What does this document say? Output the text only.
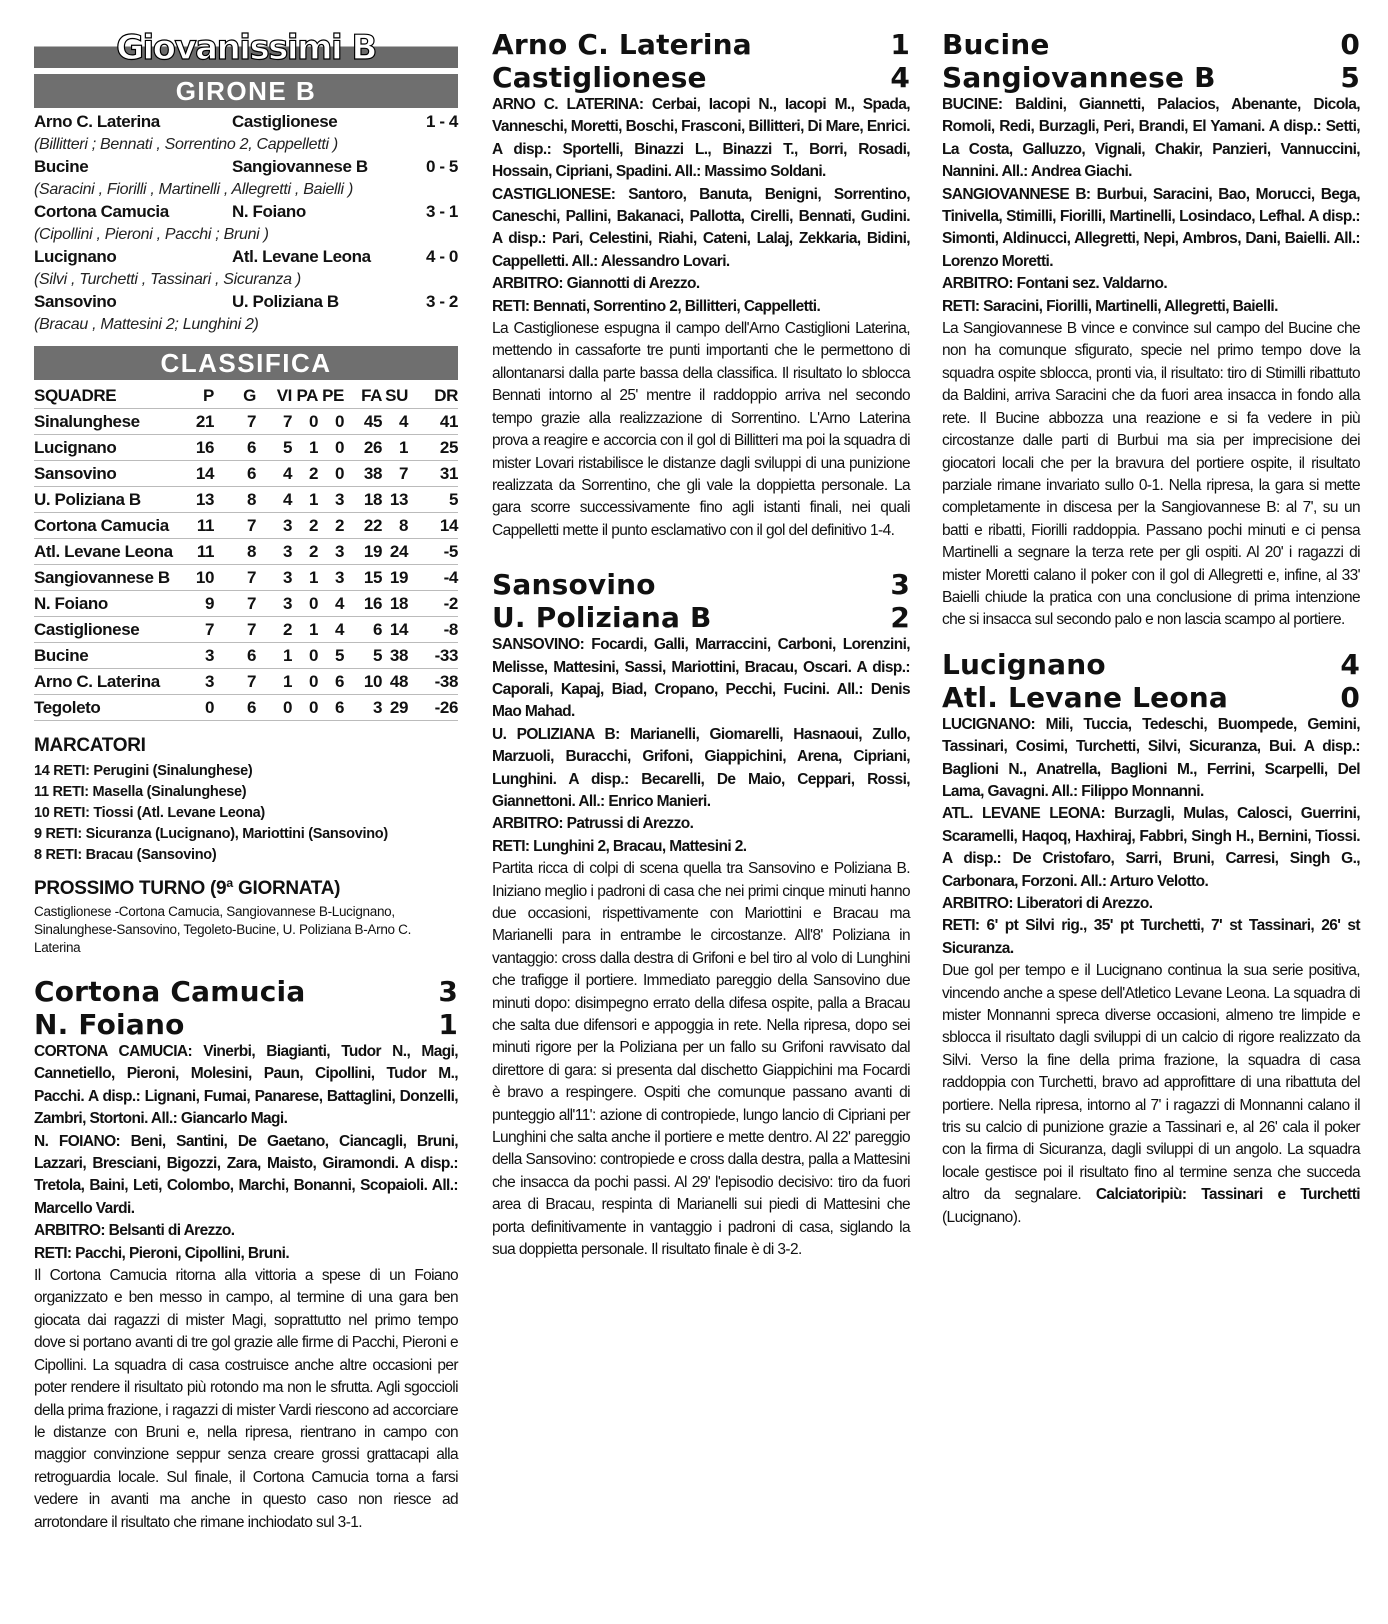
Giovanissimi B
GIRONE B
Arno C. Laterina	Castiglionese	1 - 4
(Billitteri ; Bennati , Sorrentino 2, Cappelletti )
Bucine	Sangiovannese B	0 - 5
(Saracini , Fiorilli , Martinelli , Allegretti , Baielli )
Cortona Camucia	N. Foiano	3 - 1
(Cipollini , Pieroni , Pacchi ; Bruni )
Lucignano	Atl. Levane Leona	4 - 0
(Silvi , Turchetti , Tassinari , Sicuranza )
Sansovino	U. Poliziana B	3 - 2
(Bracau , Mattesini 2; Lunghini 2)
CLASSIFICA
SQUADRE	P	G	VI	PA	PE	FA	SU	DR
Sinalunghese	21	7	7	0	0	45	4	41
Lucignano	16	6	5	1	0	26	1	25
Sansovino	14	6	4	2	0	38	7	31
U. Poliziana B	13	8	4	1	3	18	13	5
Cortona Camucia	11	7	3	2	2	22	8	14
Atl. Levane Leona	11	8	3	2	3	19	24	-5
Sangiovannese B	10	7	3	1	3	15	19	-4
N. Foiano	9	7	3	0	4	16	18	-2
Castiglionese	7	7	2	1	4	6	14	-8
Bucine	3	6	1	0	5	5	38	-33
Arno C. Laterina	3	7	1	0	6	10	48	-38
Tegoleto	0	6	0	0	6	3	29	-26
MARCATORI
14 RETI: Perugini (Sinalunghese)
11 RETI: Masella (Sinalunghese)
10 RETI: Tiossi (Atl. Levane Leona)
9 RETI: Sicuranza (Lucignano), Mariottini (Sansovino)
8 RETI: Bracau (Sansovino)
PROSSIMO TURNO (9ª GIORNATA)
Castiglionese -Cortona Camucia, Sangiovannese B-Lucignano, Sinalunghese-Sansovino, Tegoleto-Bucine, U. Poliziana B-Arno C. Laterina
Cortona Camucia	3
N. Foiano	1
CORTONA CAMUCIA: Vinerbi, Biagianti, Tudor N., Magi, Cannetiello, Pieroni, Molesini, Paun, Cipollini, Tudor M., Pacchi. A disp.: Lignani, Fumai, Panarese, Battaglini, Donzelli, Zambri, Stortoni. All.: Giancarlo Magi.
N. FOIANO: Beni, Santini, De Gaetano, Ciancagli, Bruni, Lazzari, Bresciani, Bigozzi, Zara, Maisto, Giramondi. A disp.: Tretola, Baini, Leti, Colombo, Marchi, Bonanni, Scopaioli. All.: Marcello Vardi.
ARBITRO: Belsanti di Arezzo.
RETI: Pacchi, Pieroni, Cipollini, Bruni.
Il Cortona Camucia ritorna alla vittoria a spese di un Foiano organizzato e ben messo in campo, al termine di una gara ben giocata dai ragazzi di mister Magi, soprattutto nel primo tempo dove si portano avanti di tre gol grazie alle firme di Pacchi, Pieroni e Cipollini. La squadra di casa costruisce anche altre occasioni per poter rendere il risultato più rotondo ma non le sfrutta. Agli sgoccioli della prima frazione, i ragazzi di mister Vardi riescono ad accorciare le distanze con Bruni e, nella ripresa, rientrano in campo con maggior convinzione seppur senza creare grossi grattacapi alla retroguardia locale. Sul finale, il Cortona Camucia torna a farsi vedere in avanti ma anche in questo caso non riesce ad arrotondare il risultato che rimane inchiodato sul 3-1.
Arno C. Laterina	1
Castiglionese	4
ARNO C. LATERINA: Cerbai, Iacopi N., Iacopi M., Spada, Vanneschi, Moretti, Boschi, Frasconi, Billitteri, Di Mare, Enrici. A disp.: Sportelli, Binazzi L., Binazzi T., Borri, Rosadi, Hossain, Cipriani, Spadini. All.: Massimo Soldani.
CASTIGLIONESE: Santoro, Banuta, Benigni, Sorrentino, Caneschi, Pallini, Bakanaci, Pallotta, Cirelli, Bennati, Gudini. A disp.: Pari, Celestini, Riahi, Cateni, Lalaj, Zekkaria, Bidini, Cappelletti. All.: Alessandro Lovari.
ARBITRO: Giannotti di Arezzo.
RETI: Bennati, Sorrentino 2, Billitteri, Cappelletti.
La Castiglionese espugna il campo dell'Arno Castiglioni Laterina, mettendo in cassaforte tre punti importanti che le permettono di allontanarsi dalla parte bassa della classifica. Il risultato lo sblocca Bennati intorno al 25' mentre il raddoppio arriva nel secondo tempo grazie alla realizzazione di Sorrentino. L'Arno Laterina prova a reagire e accorcia con il gol di Billitteri ma poi la squadra di mister Lovari ristabilisce le distanze dagli sviluppi di una punizione realizzata da Sorrentino, che gli vale la doppietta personale. La gara scorre successivamente fino agli istanti finali, nei quali Cappelletti mette il punto esclamativo con il gol del definitivo 1-4.
Sansovino	3
U. Poliziana B	2
SANSOVINO: Focardi, Galli, Marraccini, Carboni, Lorenzini, Melisse, Mattesini, Sassi, Mariottini, Bracau, Oscari. A disp.: Caporali, Kapaj, Biad, Cropano, Pecchi, Fucini. All.: Denis Mao Mahad.
U. POLIZIANA B: Marianelli, Giomarelli, Hasnaoui, Zullo, Marzuoli, Buracchi, Grifoni, Giappichini, Arena, Cipriani, Lunghini. A disp.: Becarelli, De Maio, Ceppari, Rossi, Giannettoni. All.: Enrico Manieri.
ARBITRO: Patrussi di Arezzo.
RETI: Lunghini 2, Bracau, Mattesini 2.
Partita ricca di colpi di scena quella tra Sansovino e Poliziana B. Iniziano meglio i padroni di casa che nei primi cinque minuti hanno due occasioni, rispettivamente con Mariottini e Bracau ma Marianelli para in entrambe le circostanze. All'8' Poliziana in vantaggio: cross dalla destra di Grifoni e bel tiro al volo di Lunghini che trafigge il portiere. Immediato pareggio della Sansovino due minuti dopo: disimpegno errato della difesa ospite, palla a Bracau che salta due difensori e appoggia in rete. Nella ripresa, dopo sei minuti rigore per la Poliziana per un fallo su Grifoni ravvisato dal direttore di gara: si presenta dal dischetto Giappichini ma Focardi è bravo a respingere. Ospiti che comunque passano avanti di punteggio all'11': azione di contropiede, lungo lancio di Cipriani per Lunghini che salta anche il portiere e mette dentro. Al 22' pareggio della Sansovino: contropiede e cross dalla destra, palla a Mattesini che insacca da pochi passi. Al 29' l'episodio decisivo: tiro da fuori area di Bracau, respinta di Marianelli sui piedi di Mattesini che porta definitivamente in vantaggio i padroni di casa, siglando la sua doppietta personale. Il risultato finale è di 3-2.
Bucine	0
Sangiovannese B	5
BUCINE: Baldini, Giannetti, Palacios, Abenante, Dicola, Romoli, Redi, Burzagli, Peri, Brandi, El Yamani. A disp.: Setti, La Costa, Galluzzo, Vignali, Chakir, Panzieri, Vannuccini, Nannini. All.: Andrea Giachi.
SANGIOVANNESE B: Burbui, Saracini, Bao, Morucci, Bega, Tinivella, Stimilli, Fiorilli, Martinelli, Losindaco, Lefhal. A disp.: Simonti, Aldinucci, Allegretti, Nepi, Ambros, Dani, Baielli. All.: Lorenzo Moretti.
ARBITRO: Fontani sez. Valdarno.
RETI: Saracini, Fiorilli, Martinelli, Allegretti, Baielli.
La Sangiovannese B vince e convince sul campo del Bucine che non ha comunque sfigurato, specie nel primo tempo dove la squadra ospite sblocca, pronti via, il risultato: tiro di Stimilli ribattuto da Baldini, arriva Saracini che da fuori area insacca in fondo alla rete. Il Bucine abbozza una reazione e si fa vedere in più circostanze dalle parti di Burbui ma sia per imprecisione dei giocatori locali che per la bravura del portiere ospite, il risultato parziale rimane invariato sullo 0-1. Nella ripresa, la gara si mette completamente in discesa per la Sangiovannese B: al 7', su un batti e ribatti, Fiorilli raddoppia. Passano pochi minuti e ci pensa Martinelli a segnare la terza rete per gli ospiti. Al 20' i ragazzi di mister Moretti calano il poker con il gol di Allegretti e, infine, al 33' Baielli chiude la pratica con una conclusione di prima intenzione che si insacca sul secondo palo e non lascia scampo al portiere.
Lucignano	4
Atl. Levane Leona	0
LUCIGNANO: Mili, Tuccia, Tedeschi, Buompede, Gemini, Tassinari, Cosimi, Turchetti, Silvi, Sicuranza, Bui. A disp.: Baglioni N., Anatrella, Baglioni M., Ferrini, Scarpelli, Del Lama, Gavagni. All.: Filippo Monnanni.
ATL. LEVANE LEONA: Burzagli, Mulas, Calosci, Guerrini, Scaramelli, Haqoq, Haxhiraj, Fabbri, Singh H., Bernini, Tiossi. A disp.: De Cristofaro, Sarri, Bruni, Carresi, Singh G., Carbonara, Forzoni. All.: Arturo Velotto.
ARBITRO: Liberatori di Arezzo.
RETI: 6' pt Silvi rig., 35' pt Turchetti, 7' st Tassinari, 26' st Sicuranza.
Due gol per tempo e il Lucignano continua la sua serie positiva, vincendo anche a spese dell'Atletico Levane Leona. La squadra di mister Monnanni spreca diverse occasioni, almeno tre limpide e sblocca il risultato dagli sviluppi di un calcio di rigore realizzato da Silvi. Verso la fine della prima frazione, la squadra di casa raddoppia con Turchetti, bravo ad approfittare di una ribattuta del portiere. Nella ripresa, intorno al 7' i ragazzi di Monnanni calano il tris su calcio di punizione grazie a Tassinari e, al 26' cala il poker con la firma di Sicuranza, dagli sviluppi di un angolo. La squadra locale gestisce poi il risultato fino al termine senza che succeda altro da segnalare. Calciatoripiù: Tassinari e Turchetti (Lucignano).
